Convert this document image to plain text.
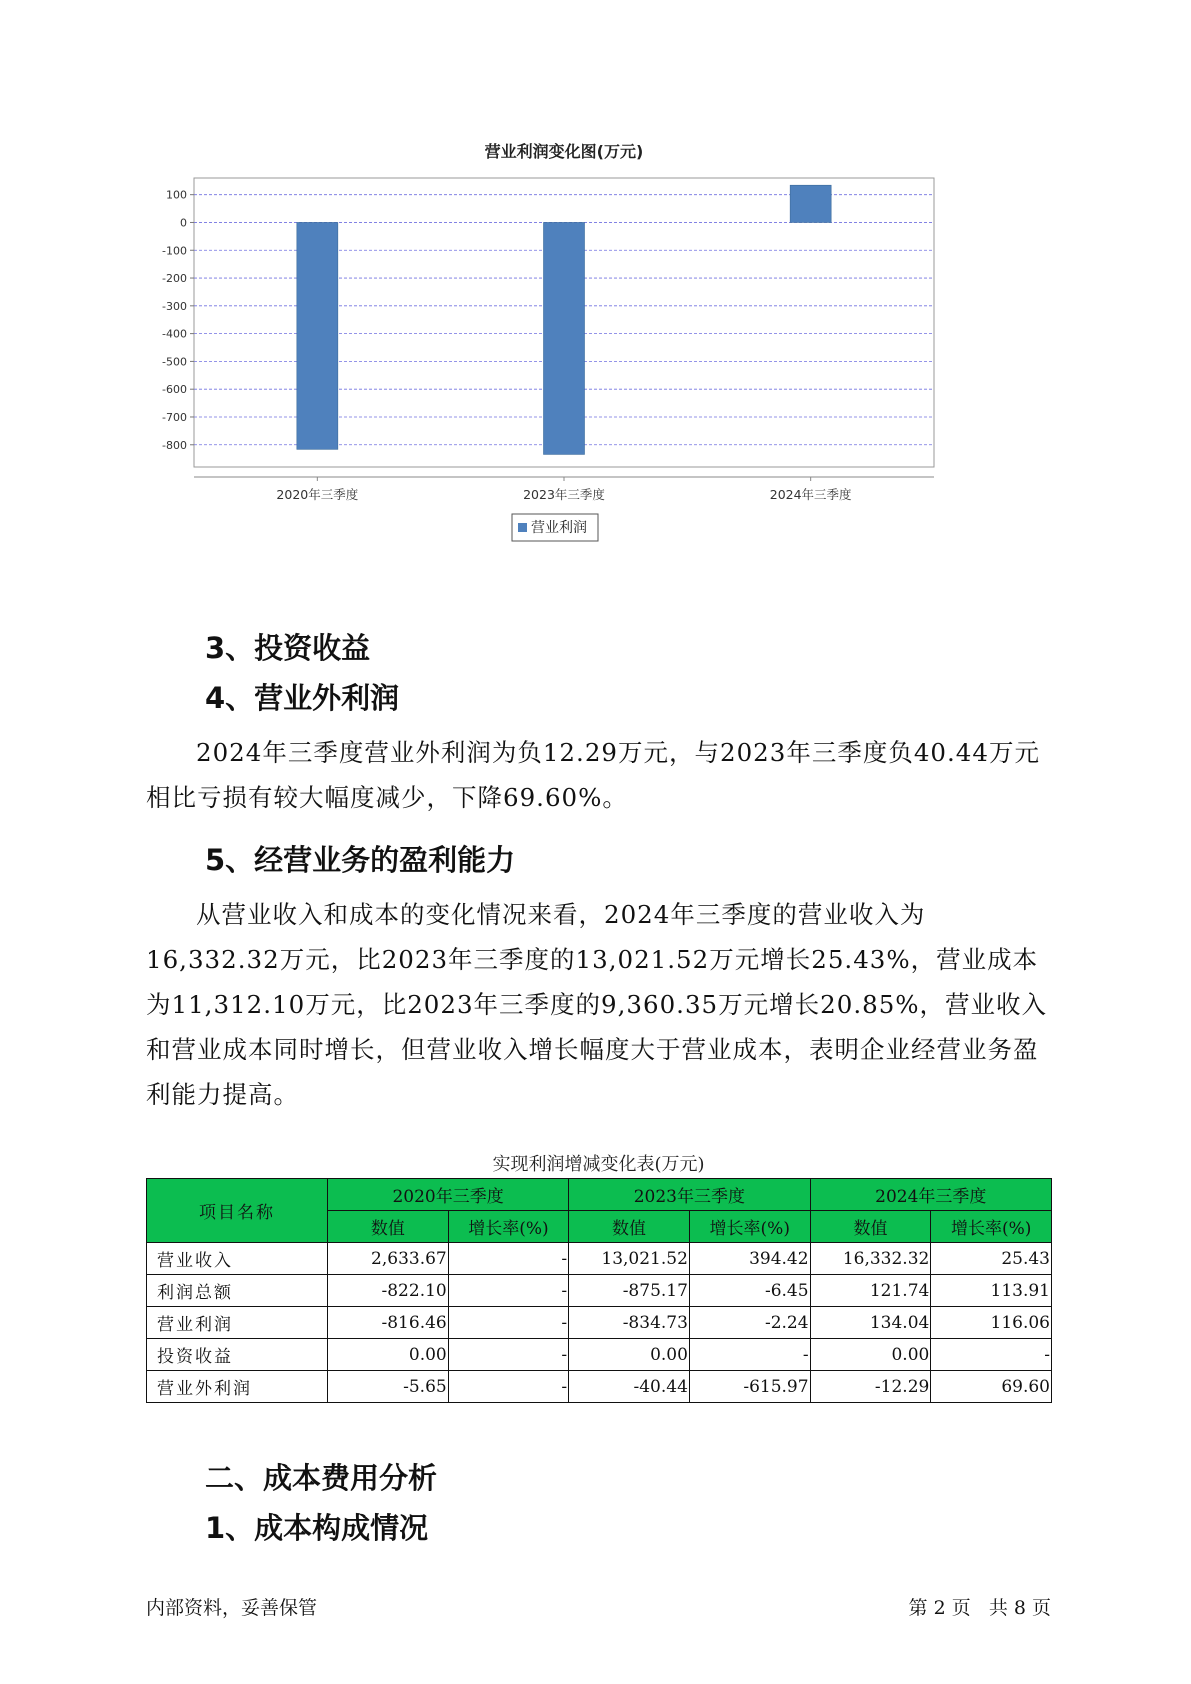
营业利润变化图(万元)
100
0
-100
-200
-300
-400
-500
-600
-700
-800
2020年三季度	2023年三季度	2024年三季度
营业利润
3、投资收益
4、营业外利润

2024年三季度营业外利润为负12.29万元，与2023年三季度负40.44万元相比亏损有较大幅度减少，下降69.60%。

5、经营业务的盈利能力

从营业收入和成本的变化情况来看，2024年三季度的营业收入为16,332.32万元，比2023年三季度的13,021.52万元增长25.43%，营业成本为11,312.10万元，比2023年三季度的9,360.35万元增长20.85%，营业收入和营业成本同时增长，但营业收入增长幅度大于营业成本，表明企业经营业务盈利能力提高。

实现利润增减变化表(万元)
项目名称	2020年三季度		2023年三季度		2024年三季度	
	数值	增长率(%)	数值	增长率(%)	数值	增长率(%)
营业收入	2,633.67	-	13,021.52	394.42	16,332.32	25.43
利润总额	-822.10	-	-875.17	-6.45	121.74	113.91
营业利润	-816.46	-	-834.73	-2.24	134.04	116.06
投资收益	0.00	-	0.00	-	0.00	-
营业外利润	-5.65	-	-40.44	-615.97	-12.29	69.60
二、成本费用分析
1、成本构成情况
内部资料，妥善保管	第 2 页   共 8 页
